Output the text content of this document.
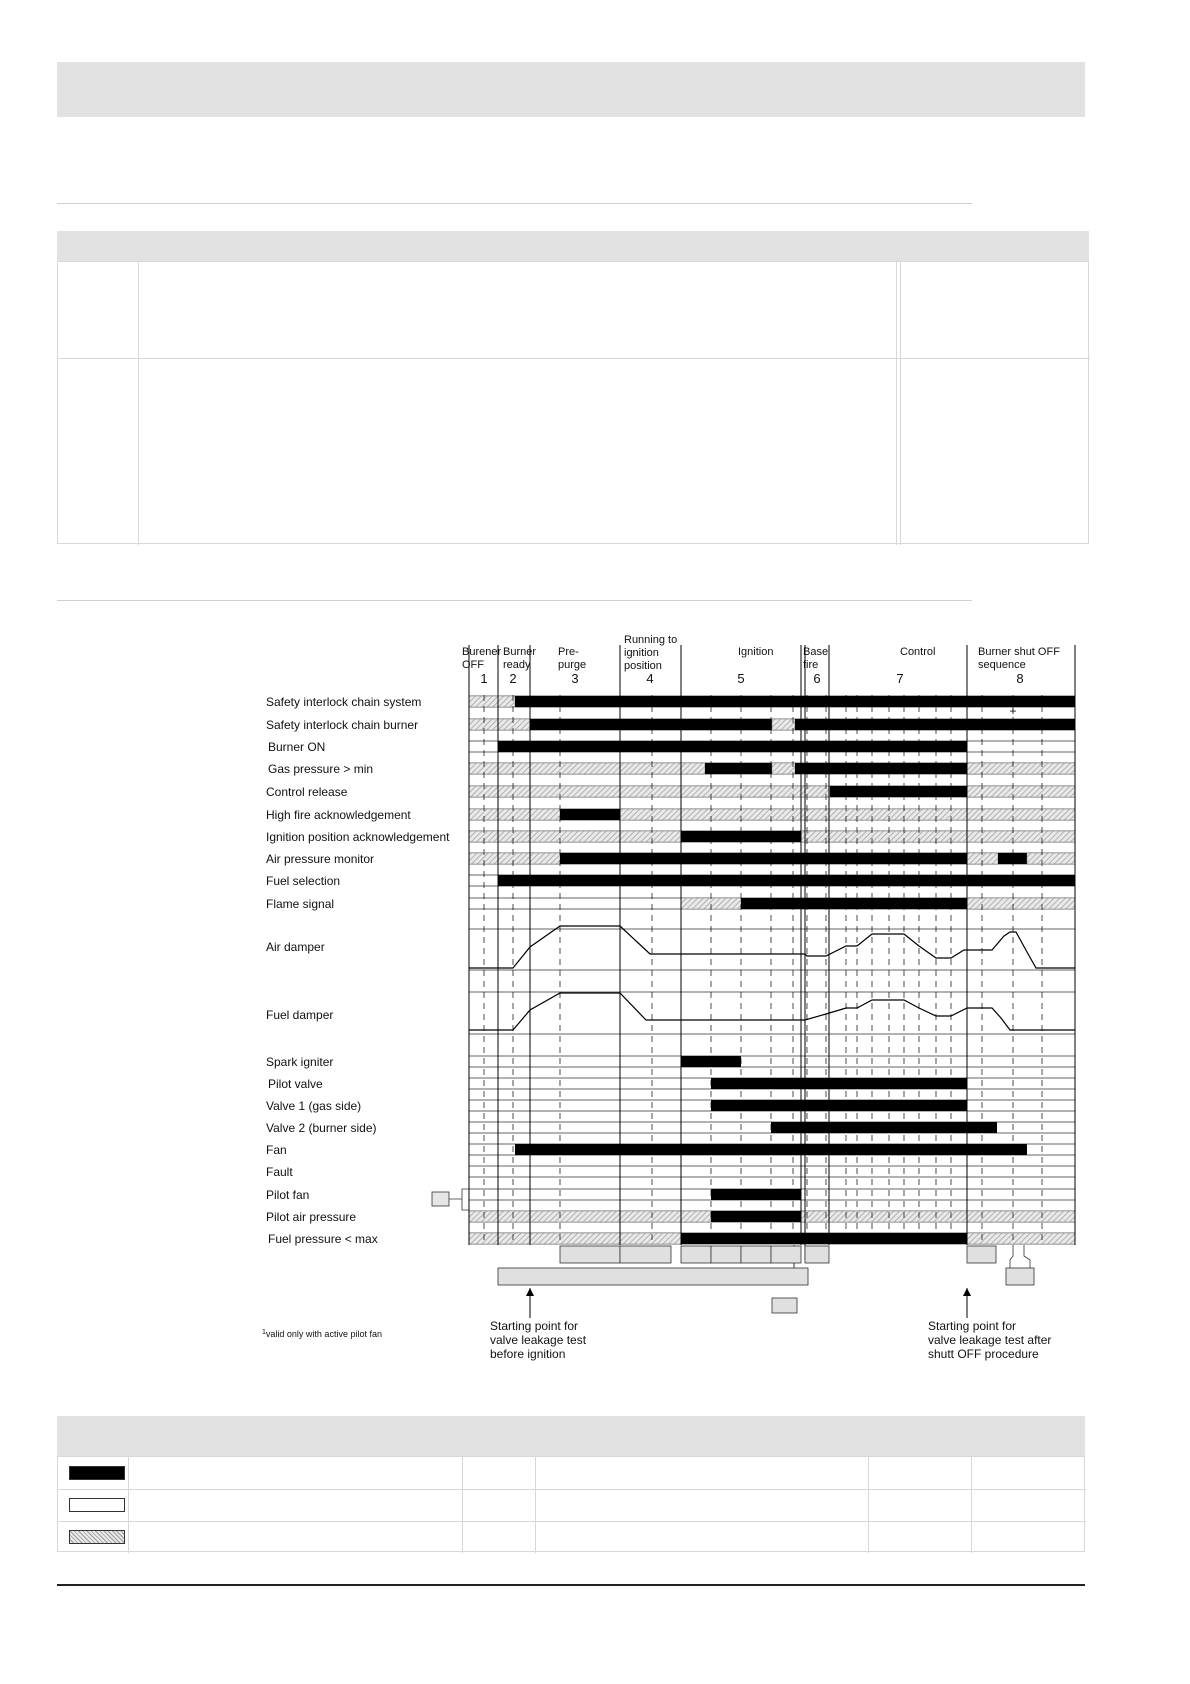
Safety interlock chain system
Safety interlock chain burner
Burner ON
Gas pressure > min
Control release
High fire acknowledgement
Ignition position acknowledgement
Air pressure monitor
Fuel selection
Flame signal
Air damper
Fuel damper
Spark igniter
Pilot valve
Valve 1 (gas side)
Valve 2 (burner side)
Fan
Fault
Pilot fan
Pilot air pressure
Fuel pressure < max
Burener OFF
1
Burner ready
2
Pre-purge
3
Running to ignition position
4
Ignition
5
Base fire
6
Control
7
Burner shut OFF sequence
8
+
Starting point for valve leakage test before ignition
Starting point for valve leakage test after shutt OFF procedure
$^1$valid only with active pilot fan
